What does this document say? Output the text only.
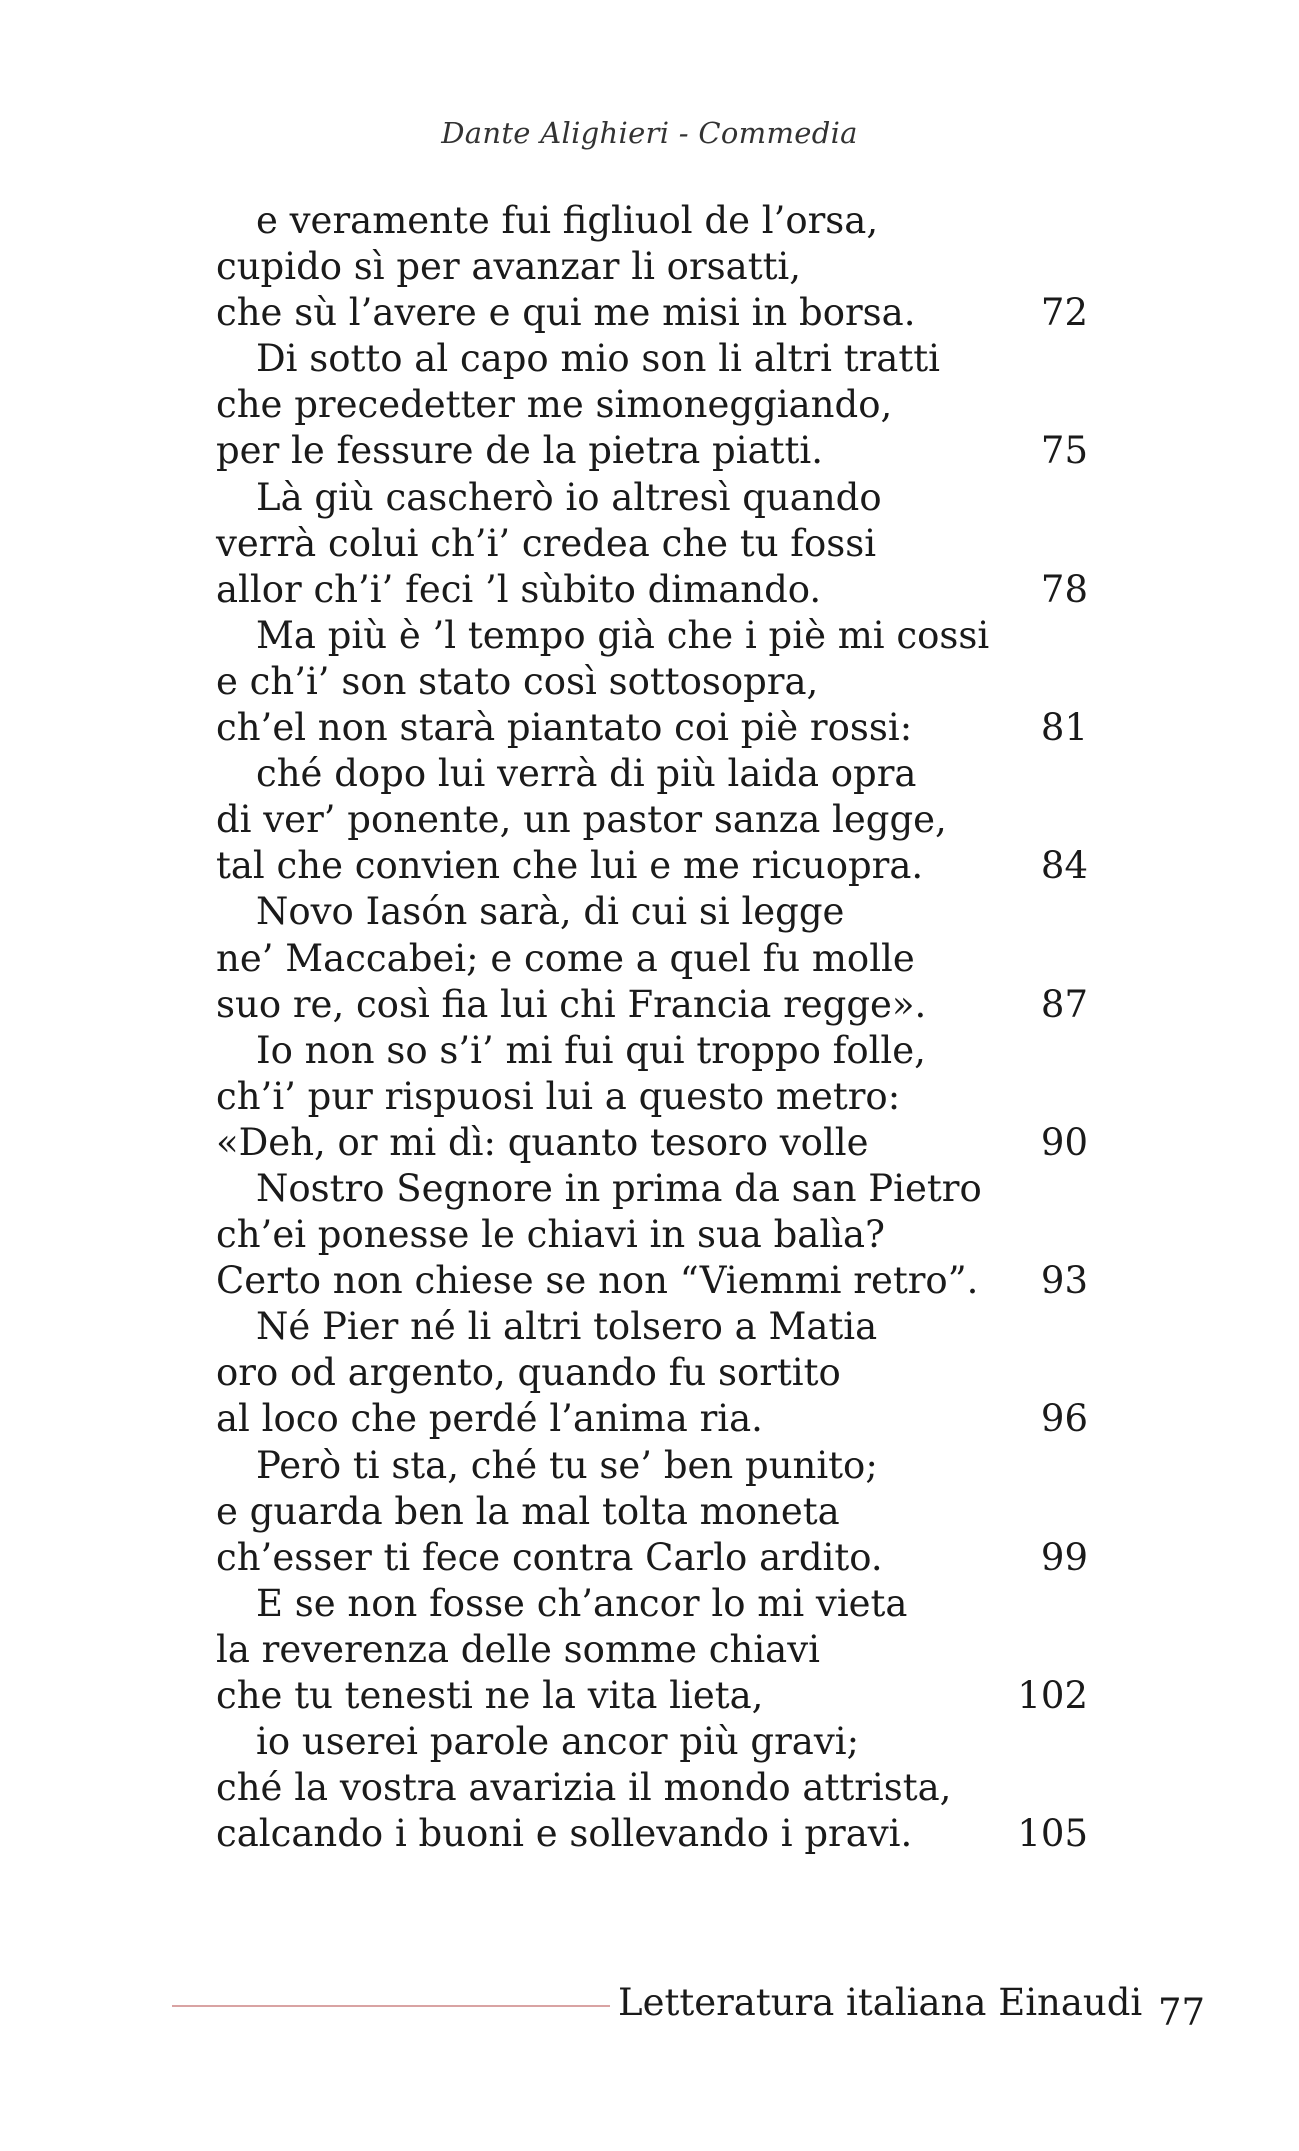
Dante Alighieri - Commedia
e veramente fui figliuol de l’orsa,
cupido sì per avanzar li orsatti,
che sù l’avere e qui me misi in borsa.	72
Di sotto al capo mio son li altri tratti
che precedetter me simoneggiando,
per le fessure de la pietra piatti.	75
Là giù cascherò io altresì quando
verrà colui ch’i’ credea che tu fossi
allor ch’i’ feci ’l sùbito dimando.	78
Ma più è ’l tempo già che i piè mi cossi
e ch’i’ son stato così sottosopra,
ch’el non starà piantato coi piè rossi:	81
ché dopo lui verrà di più laida opra
di ver’ ponente, un pastor sanza legge,
tal che convien che lui e me ricuopra.	84
Novo Iasón sarà, di cui si legge
ne’ Maccabei; e come a quel fu molle
suo re, così fia lui chi Francia regge».	87
Io non so s’i’ mi fui qui troppo folle,
ch’i’ pur rispuosi lui a questo metro:
«Deh, or mi dì: quanto tesoro volle	90
Nostro Segnore in prima da san Pietro
ch’ei ponesse le chiavi in sua balìa?
Certo non chiese se non “Viemmi retro”. 93
Né Pier né li altri tolsero a Matia
oro od argento, quando fu sortito
al loco che perdé l’anima ria.	96
Però ti sta, ché tu se’ ben punito;
e guarda ben la mal tolta moneta
ch’esser ti fece contra Carlo ardito.	99
E se non fosse ch’ancor lo mi vieta
la reverenza delle somme chiavi
che tu tenesti ne la vita lieta,	102
io userei parole ancor più gravi;
ché la vostra avarizia il mondo attrista,
calcando i buoni e sollevando i pravi.	105
Letteratura italiana Einaudi 77
